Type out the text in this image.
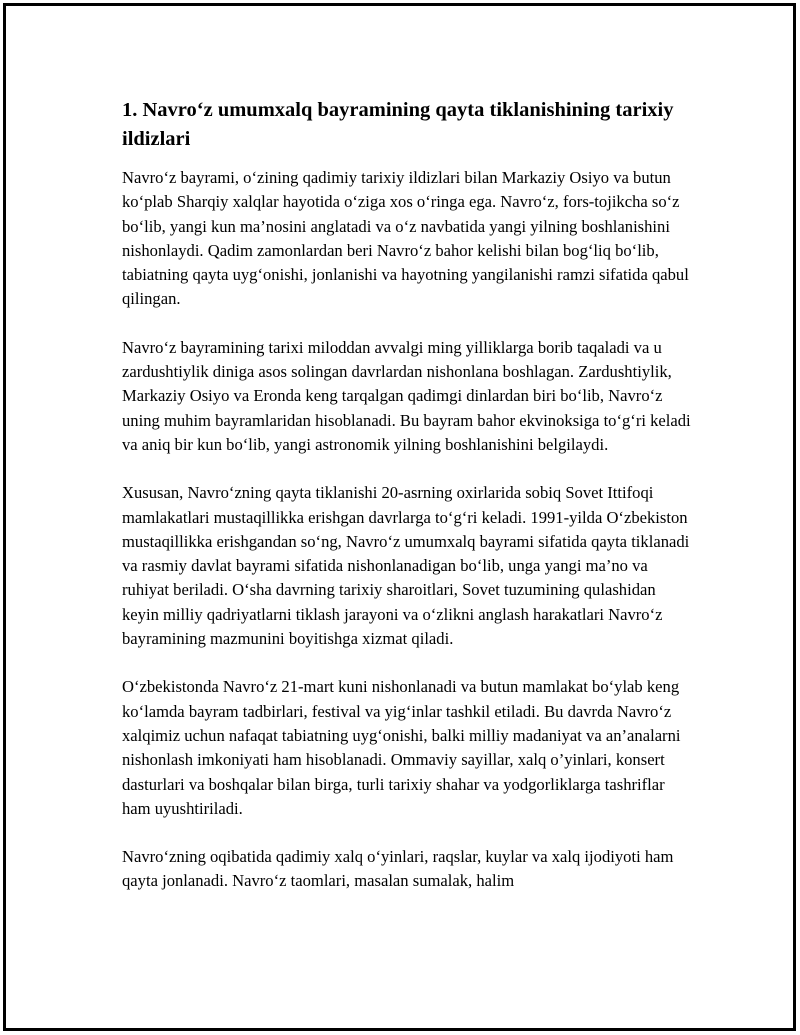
1. Navro‘z umumxalq bayramining qayta tiklanishining tarixiy ildizlari

Navro‘z bayrami, o‘zining qadimiy tarixiy ildizlari bilan Markaziy Osiyo va butun ko‘plab Sharqiy xalqlar hayotida o‘ziga xos o‘ringa ega. Navro‘z, fors-tojikcha so‘z bo‘lib, yangi kun ma’nosini anglatadi va o‘z navbatida yangi yilning boshlanishini nishonlaydi. Qadim zamonlardan beri Navro‘z bahor kelishi bilan bog‘liq bo‘lib, tabiatning qayta uyg‘onishi, jonlanishi va hayotning yangilanishi ramzi sifatida qabul qilingan.

Navro‘z bayramining tarixi miloddan avvalgi ming yilliklarga borib taqaladi va u zardushtiylik diniga asos solingan davrlardan nishonlana boshlagan. Zardushtiylik, Markaziy Osiyo va Eronda keng tarqalgan qadimgi dinlardan biri bo‘lib, Navro‘z uning muhim bayramlaridan hisoblanadi. Bu bayram bahor ekvinoksiga to‘g‘ri keladi va aniq bir kun bo‘lib, yangi astronomik yilning boshlanishini belgilaydi.

Xususan, Navro‘zning qayta tiklanishi 20-asrning oxirlarida sobiq Sovet Ittifoqi mamlakatlari mustaqillikka erishgan davrlarga to‘g‘ri keladi. 1991-yilda O‘zbekiston mustaqillikka erishgandan so‘ng, Navro‘z umumxalq bayrami sifatida qayta tiklanadi va rasmiy davlat bayrami sifatida nishonlanadigan bo‘lib, unga yangi ma’no va ruhiyat beriladi. O‘sha davrning tarixiy sharoitlari, Sovet tuzumining qulashidan keyin milliy qadriyatlarni tiklash jarayoni va o‘zlikni anglash harakatlari Navro‘z bayramining mazmunini boyitishga xizmat qiladi.

O‘zbekistonda Navro‘z 21-mart kuni nishonlanadi va butun mamlakat bo‘ylab keng ko‘lamda bayram tadbirlari, festival va yig‘inlar tashkil etiladi. Bu davrda Navro‘z xalqimiz uchun nafaqat tabiatning uyg‘onishi, balki milliy madaniyat va an’analarni nishonlash imkoniyati ham hisoblanadi. Ommaviy sayillar, xalq o’yinlari, konsert dasturlari va boshqalar bilan birga, turli tarixiy shahar va yodgorliklarga tashriflar ham uyushtiriladi.

Navro‘zning oqibatida qadimiy xalq o‘yinlari, raqslar, kuylar va xalq ijodiyoti ham qayta jonlanadi. Navro‘z taomlari, masalan sumalak, halim
